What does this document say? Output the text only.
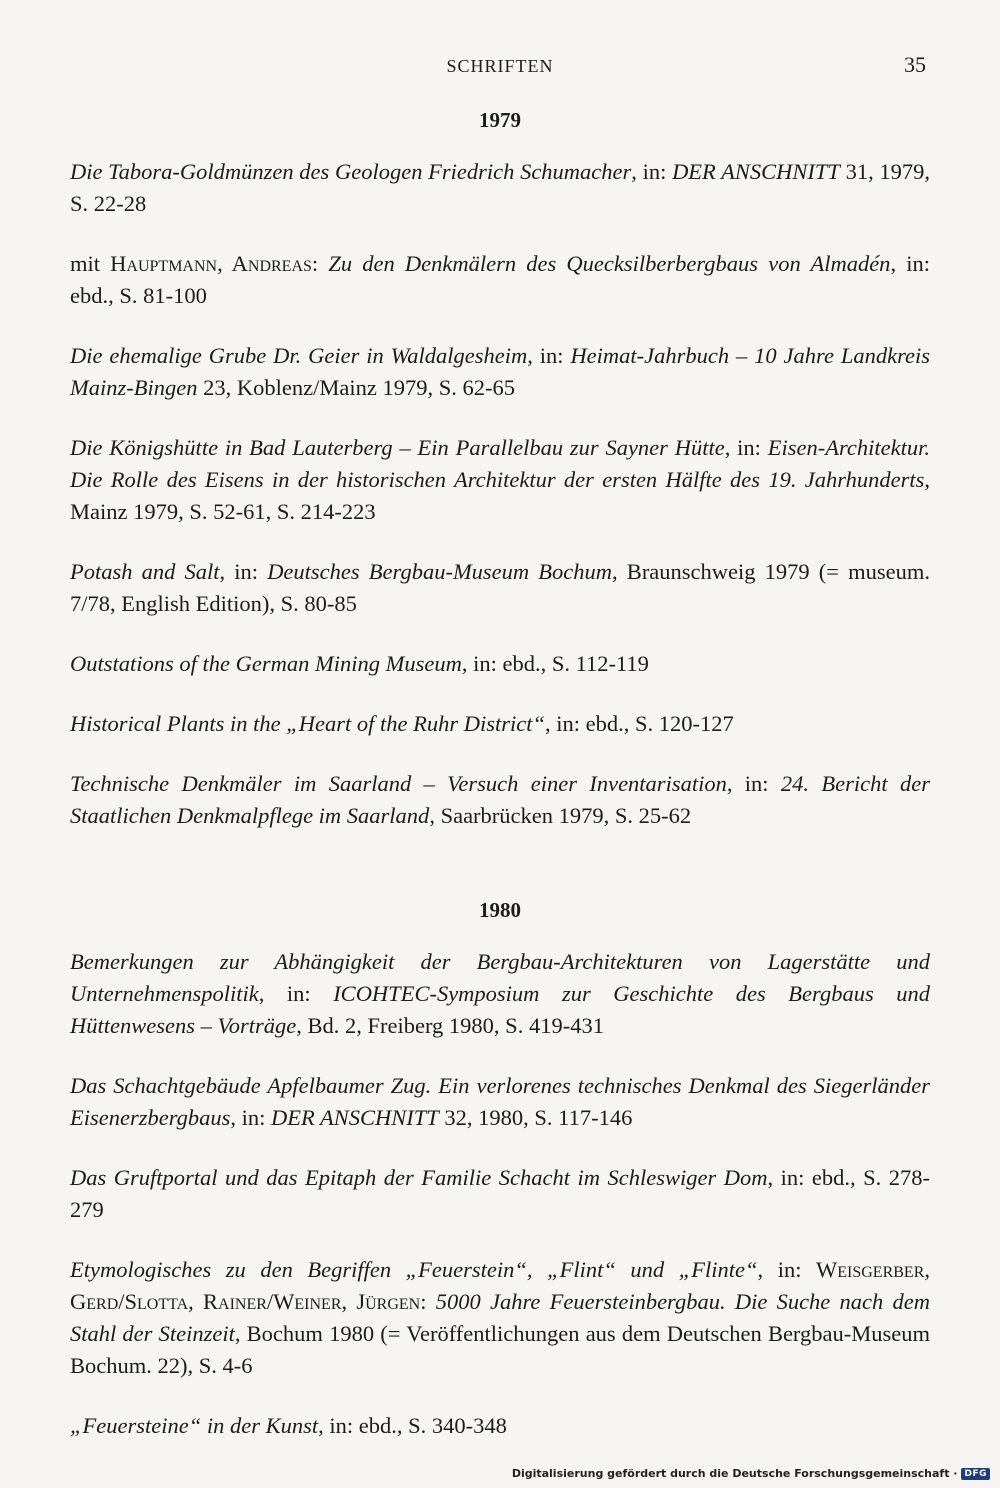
SCHRIFTEN	35
1979

Die Tabora-Goldmünzen des Geologen Friedrich Schumacher, in: DER ANSCHNITT 31, 1979, S. 22-28

mit Hauptmann, Andreas: Zu den Denkmälern des Quecksilberbergbaus von Almadén, in: ebd., S. 81-100

Die ehemalige Grube Dr. Geier in Waldalgesheim, in: Heimat-Jahrbuch – 10 Jahre Landkreis Mainz-Bingen 23, Koblenz/Mainz 1979, S. 62-65

Die Königshütte in Bad Lauterberg – Ein Parallelbau zur Sayner Hütte, in: Eisen-Architektur. Die Rolle des Eisens in der historischen Architektur der ersten Hälfte des 19. Jahrhunderts, Mainz 1979, S. 52-61, S. 214-223

Potash and Salt, in: Deutsches Bergbau-Museum Bochum, Braunschweig 1979 (= museum. 7/78, English Edition), S. 80-85

Outstations of the German Mining Museum, in: ebd., S. 112-119

Historical Plants in the „Heart of the Ruhr District“, in: ebd., S. 120-127

Technische Denkmäler im Saarland – Versuch einer Inventarisation, in: 24. Bericht der Staatlichen Denkmalpflege im Saarland, Saarbrücken 1979, S. 25-62

1980

Bemerkungen zur Abhängigkeit der Bergbau-Architekturen von Lagerstätte und Unternehmenspolitik, in: ICOHTEC-Symposium zur Geschichte des Bergbaus und Hüttenwesens – Vorträge, Bd. 2, Freiberg 1980, S. 419-431

Das Schachtgebäude Apfelbaumer Zug. Ein verlorenes technisches Denkmal des Siegerländer Eisenerzbergbaus, in: DER ANSCHNITT 32, 1980, S. 117-146

Das Gruftportal und das Epitaph der Familie Schacht im Schleswiger Dom, in: ebd., S. 278-279

Etymologisches zu den Begriffen „Feuerstein“, „Flint“ und „Flinte“, in: Weisgerber, Gerd/Slotta, Rainer/Weiner, Jürgen: 5000 Jahre Feuersteinbergbau. Die Suche nach dem Stahl der Steinzeit, Bochum 1980 (= Veröffentlichungen aus dem Deutschen Bergbau-Museum Bochum. 22), S. 4-6

„Feuersteine“ in der Kunst, in: ebd., S. 340-348

Digitalisierung gefördert durch die Deutsche Forschungsgemeinschaft · DFG
